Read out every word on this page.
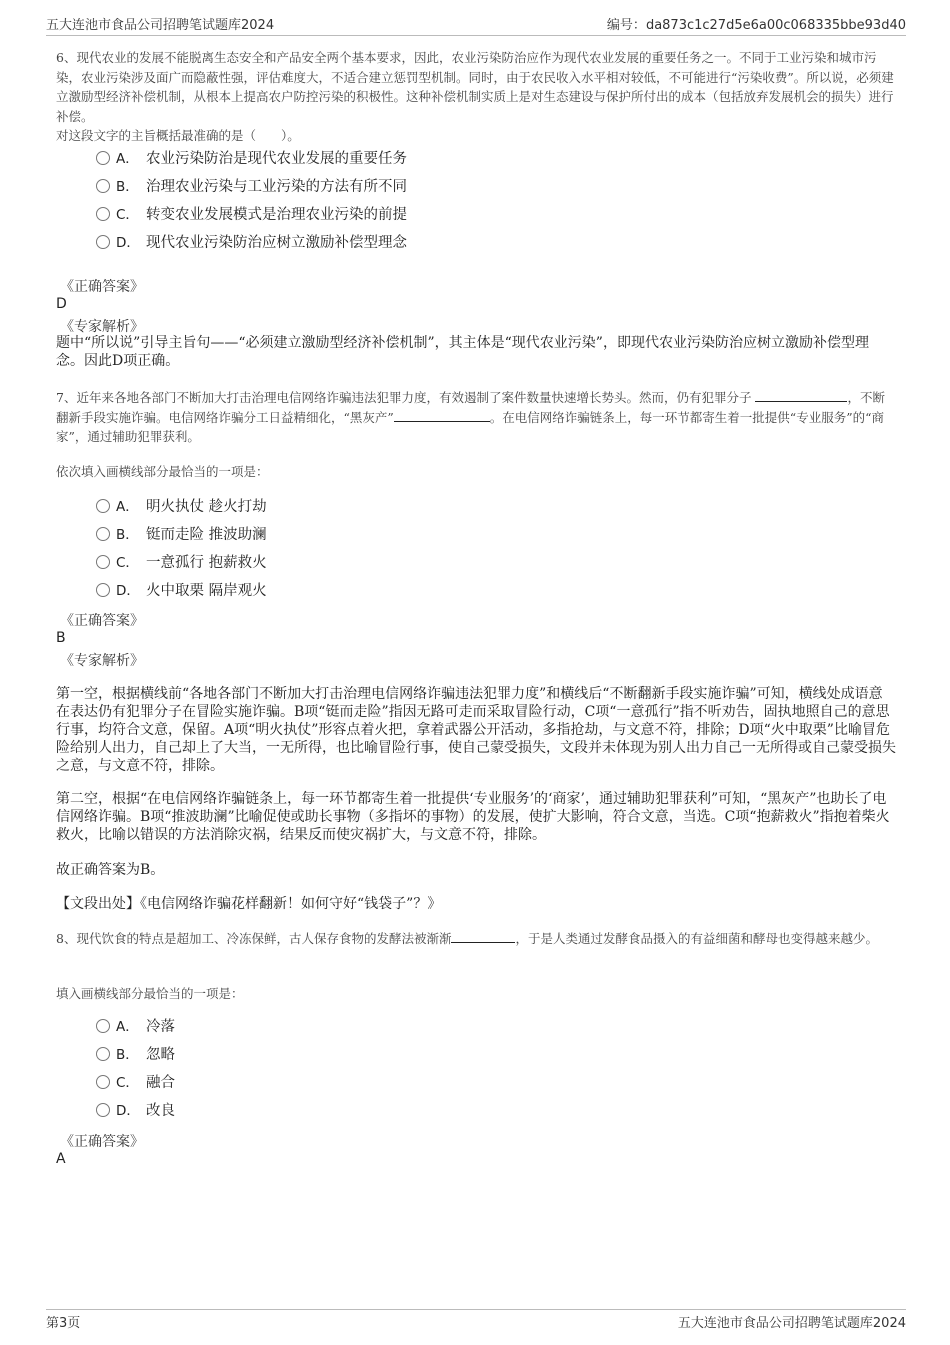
五大连池市食品公司招聘笔试题库2024	编号：da873c1c27d5e6a00c068335bbe93d40

6、现代农业的发展不能脱离生态安全和产品安全两个基本要求，因此，农业污染防治应作为现代农业发展的重要任务之一。不同于工业污染和城市污染，农业污染涉及面广而隐蔽性强，评估难度大，不适合建立惩罚型机制。同时，由于农民收入水平相对较低，不可能进行“污染收费”。所以说，必须建立激励型经济补偿机制，从根本上提高农户防控污染的积极性。这种补偿机制实质上是对生态建设与保护所付出的成本（包括放弃发展机会的损失）进行补偿。

对这段文字的主旨概括最准确的是（　　）。

A． 农业污染防治是现代农业发展的重要任务
B． 治理农业污染与工业污染的方法有所不同
C． 转变农业发展模式是治理农业污染的前提
D． 现代农业污染防治应树立激励补偿型理念
《正确答案》
D
《专家解析》

题中“所以说”引导主旨句——“必须建立激励型经济补偿机制”，其主体是“现代农业污染”，即现代农业污染防治应树立激励补偿型理念。因此D项正确。

7、近年来各地各部门不断加大打击治理电信网络诈骗违法犯罪力度，有效遏制了案件数量快速增长势头。然而，仍有犯罪分子	，不断翻新手段实施诈骗。电信网络诈骗分工日益精细化，“黑灰产”	。在电信网络诈骗链条上，每一环节都寄生着一批提供“专业服务”的“商家”，通过辅助犯罪获利。

依次填入画横线部分最恰当的一项是：
A． 明火执仗 趁火打劫
B． 铤而走险 推波助澜
C． 一意孤行 抱薪救火
D． 火中取栗 隔岸观火
《正确答案》
B
《专家解析》

第一空，根据横线前“各地各部门不断加大打击治理电信网络诈骗违法犯罪力度”和横线后“不断翻新手段实施诈骗”可知，横线处成语意在表达仍有犯罪分子在冒险实施诈骗。B项“铤而走险”指因无路可走而采取冒险行动，C项“一意孤行”指不听劝告，固执地照自己的意思行事，均符合文意，保留。A项“明火执仗”形容点着火把，拿着武器公开活动，多指抢劫，与文意不符，排除；D项“火中取栗”比喻冒危险给别人出力，自己却上了大当，一无所得，也比喻冒险行事，使自己蒙受损失，文段并未体现为别人出力自己一无所得或自己蒙受损失之意，与文意不符，排除。

第二空，根据“在电信网络诈骗链条上，每一环节都寄生着一批提供‘专业服务’的‘商家’，通过辅助犯罪获利”可知，“黑灰产”也助长了电信网络诈骗。B项“推波助澜”比喻促使或助长事物（多指坏的事物）的发展，使扩大影响，符合文意，当选。C项“抱薪救火”指抱着柴火救火，比喻以错误的方法消除灾祸，结果反而使灾祸扩大，与文意不符，排除。

故正确答案为B。

【文段出处】《电信网络诈骗花样翻新！如何守好“钱袋子”？》

8、现代饮食的特点是超加工、冷冻保鲜，古人保存食物的发酵法被渐渐	，于是人类通过发酵食品摄入的有益细菌和酵母也变得越来越少。

填入画横线部分最恰当的一项是：
A． 冷落
B． 忽略
C． 融合
D． 改良
《正确答案》
A
第3页	五大连池市食品公司招聘笔试题库2024
